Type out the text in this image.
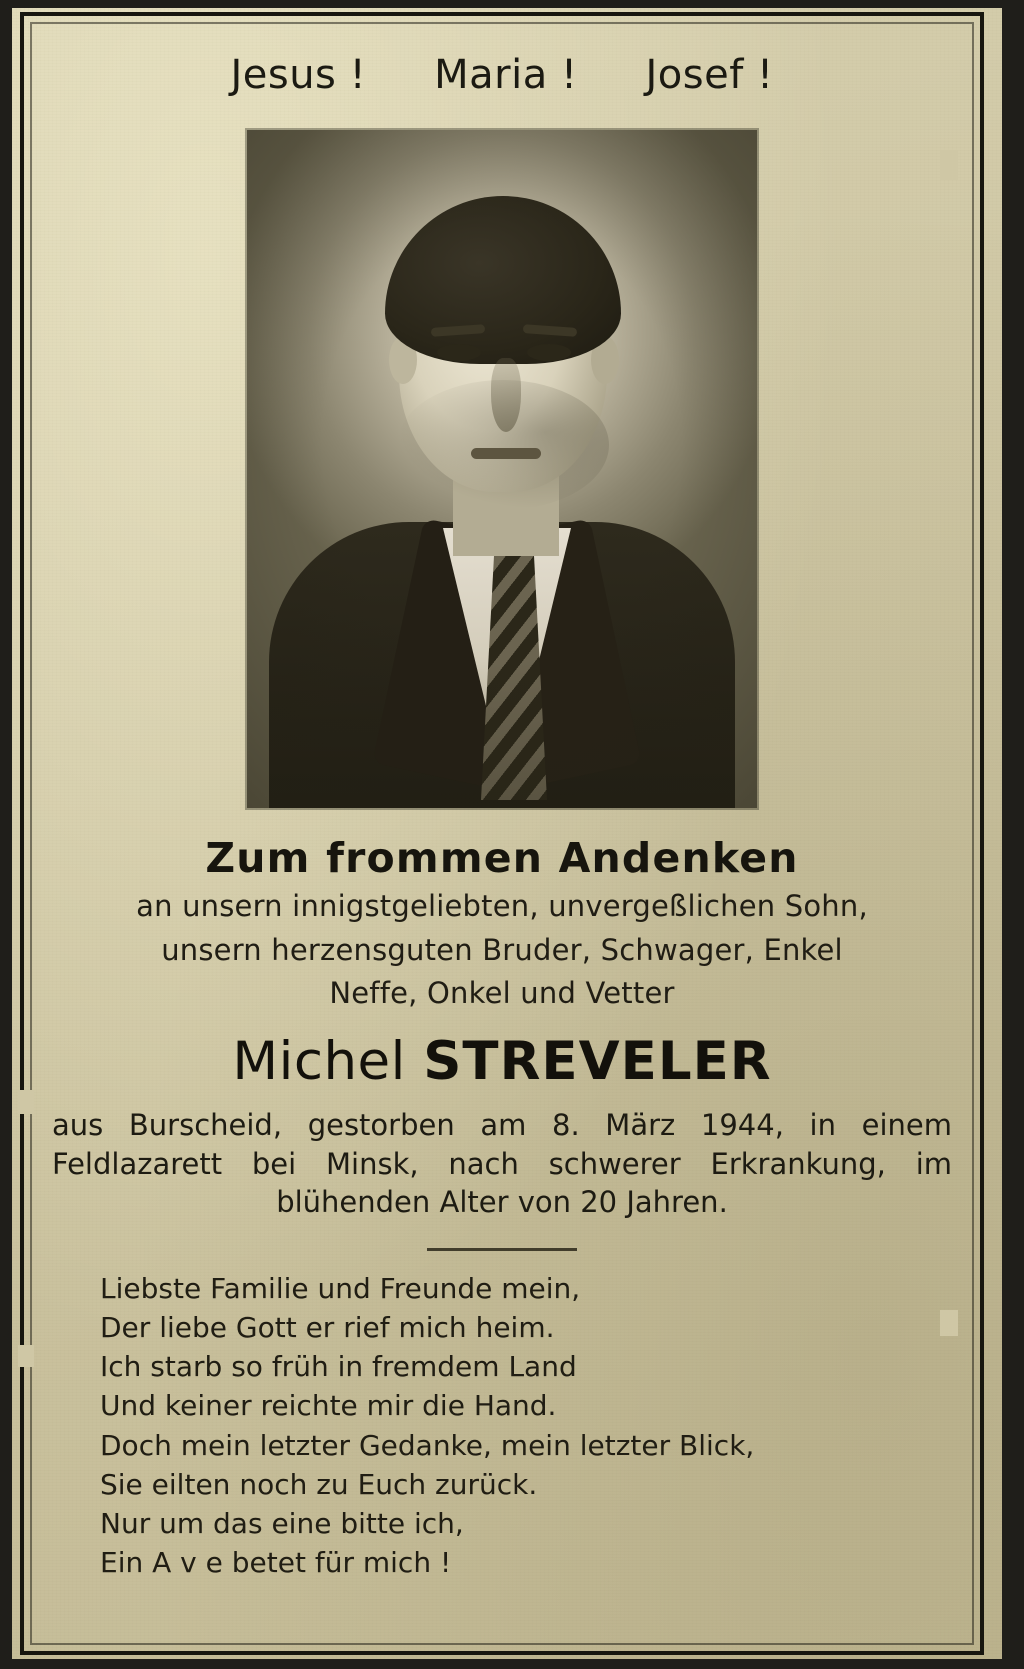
Jesus ! Maria ! Josef !
Zum frommen Andenken
an unsern innigstgeliebten, unvergeßlichen Sohn,
unsern herzensguten Bruder, Schwager, Enkel
Neffe, Onkel und Vetter
Michel STREVELER
aus Burscheid, gestorben am 8. März 1944, in einem Feldlazarett bei Minsk, nach schwerer Erkrankung, im blühenden Alter von 20 Jahren.
Liebste Familie und Freunde mein,
Der liebe Gott er rief mich heim.
Ich starb so früh in fremdem Land
Und keiner reichte mir die Hand.
Doch mein letzter Gedanke, mein letzter Blick,
Sie eilten noch zu Euch zurück.
Nur um das eine bitte ich,
Ein A v e betet für mich !
